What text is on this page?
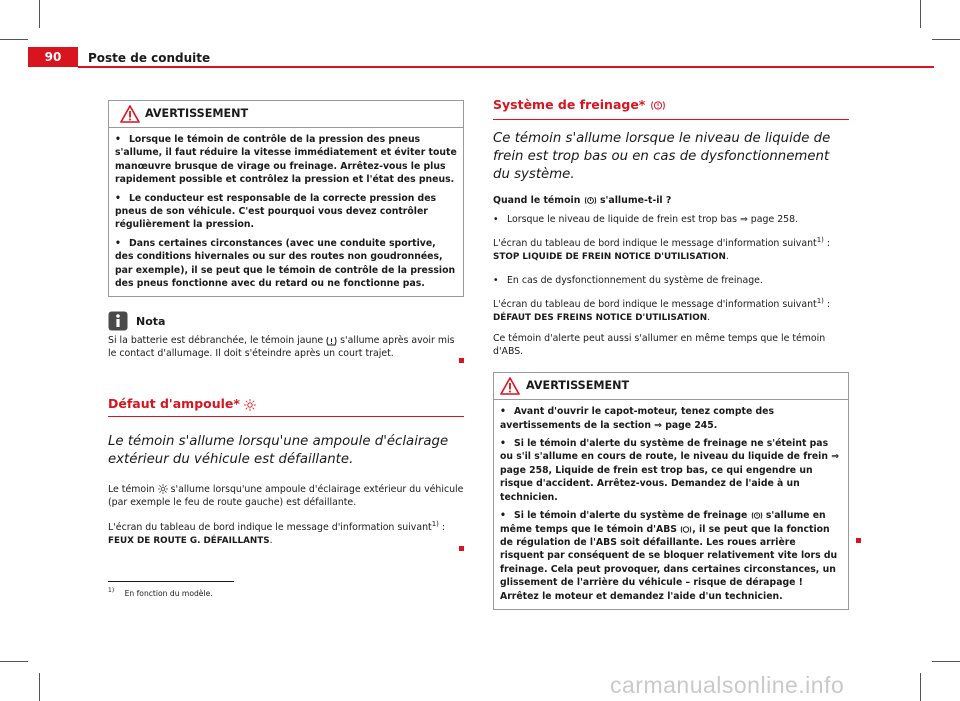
90	Poste de conduite
AVERTISSEMENT
• Lorsque le témoin de contrôle de la pression des pneus s'allume, il faut réduire la vitesse immédiatement et éviter toute manœuvre brusque de virage ou freinage. Arrêtez-vous le plus rapidement possible et contrôlez la pression et l'état des pneus.
• Le conducteur est responsable de la correcte pression des pneus de son véhicule. C'est pourquoi vous devez contrôler régulièrement la pression.
• Dans certaines circonstances (avec une conduite sportive, des conditions hivernales ou sur des routes non goudronnées, par exemple), il se peut que le témoin de contrôle de la pression des pneus fonctionne avec du retard ou ne fonctionne pas.
Nota

Si la batterie est débranchée, le témoin jaune s'allume après avoir mis le contact d'allumage. Il doit s'éteindre après un court trajet.

Défaut d'ampoule*

Le témoin s'allume lorsqu'une ampoule d'éclairage extérieur du véhicule est défaillante.

Le témoin s'allume lorsqu'une ampoule d'éclairage extérieur du véhicule (par exemple le feu de route gauche) est défaillante.

L'écran du tableau de bord indique le message d'information suivant$^{1)}$ :
FEUX DE ROUTE G. DÉFAILLANTS.

$^{1)}$ En fonction du modèle.
Système de freinage*

Ce témoin s'allume lorsque le niveau de liquide de frein est trop bas ou en cas de dysfonctionnement du système.

Quand le témoin s'allume-t-il ?

• Lorsque le niveau de liquide de frein est trop bas ⇒ page 258.

L'écran du tableau de bord indique le message d'information suivant$^{1)}$ :
STOP LIQUIDE DE FREIN NOTICE D'UTILISATION.

• En cas de dysfonctionnement du système de freinage.

L'écran du tableau de bord indique le message d'information suivant$^{1)}$ : DÉFAUT DES FREINS NOTICE D'UTILISATION.

Ce témoin d'alerte peut aussi s'allumer en même temps que le témoin d'ABS.

AVERTISSEMENT
• Avant d'ouvrir le capot-moteur, tenez compte des avertissements de la section ⇒ page 245.
• Si le témoin d'alerte du système de freinage ne s'éteint pas ou s'il s'allume en cours de route, le niveau du liquide de frein ⇒ page 258, Liquide de frein est trop bas, ce qui engendre un risque d'accident. Arrêtez-vous. Demandez de l'aide à un technicien.
• Si le témoin d'alerte du système de freinage s'allume en même temps que le témoin d'ABS , il se peut que la fonction de régulation de l'ABS soit défaillante. Les roues arrière risquent par conséquent de se bloquer relativement vite lors du freinage. Cela peut provoquer, dans certaines circonstances, un glissement de l'arrière du véhicule – risque de dérapage ! Arrêtez le moteur et demandez l'aide d'un technicien.
carmanualsonline.info
